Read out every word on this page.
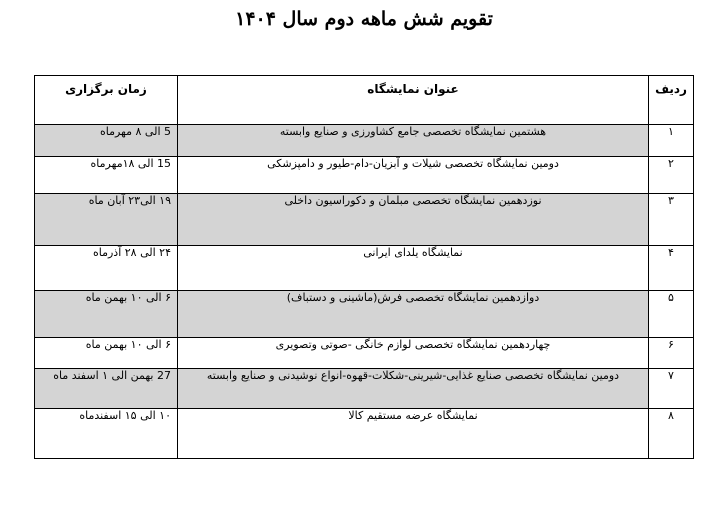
تقویم شش ماهه دوم سال ۱۴۰۴
ردیف	عنوان نمایشگاه	زمان برگزاری
۱	هشتمین نمایشگاه تخصصی جامع کشاورزی و صنایع وابسته	5 الی ۸ مهرماه
۲	دومین نمایشگاه تخصصی شیلات و آبزیان-دام-طیور و دامپزشکی	15 الی ۱۸مهرماه
۳	نوزدهمین نمایشگاه تخصصی مبلمان و دکوراسیون داخلی	۱۹ الی۲۳ آبان ماه
۴	نمایشگاه یلدای ایرانی	۲۴ الی ۲۸ آذرماه
۵	دوازدهمین نمایشگاه تخصصی فرش(ماشینی و دستباف)	۶ الی ۱۰ بهمن ماه
۶	چهاردهمین نمایشگاه تخصصی لوازم خانگی -صوتی وتصویری	۶ الی ۱۰ بهمن ماه
۷	دومین نمایشگاه تخصصی صنایع غذایی-شیرینی-شکلات-قهوه-انواع نوشیدنی و صنایع وابسته	27 بهمن الی ۱ اسفند ماه
۸	نمایشگاه عرضه مستقیم کالا	۱۰ الی ۱۵ اسفندماه
